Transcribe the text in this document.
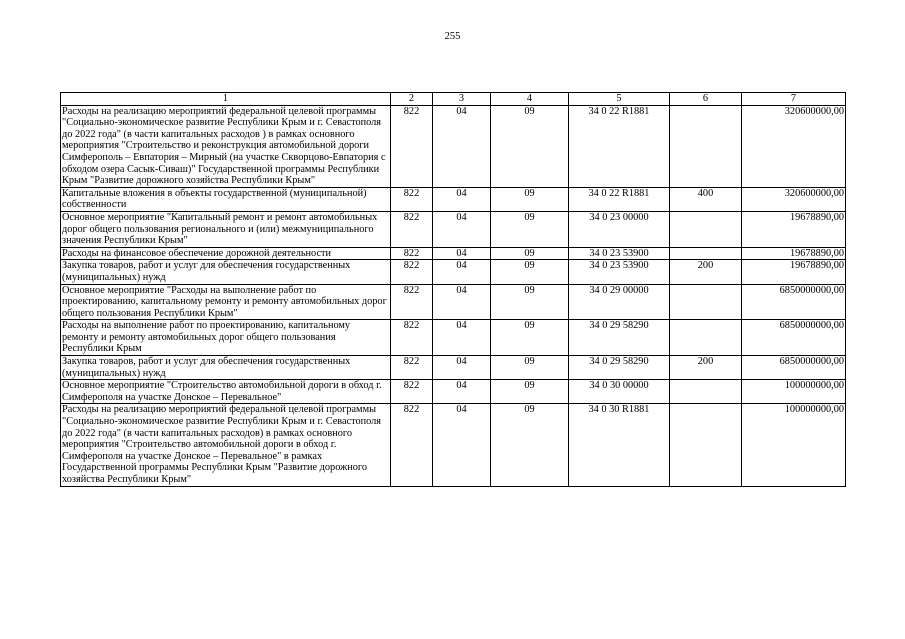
255
1	2	3	4	5	6	7
Расходы на реализацию мероприятий федеральной целевой программы "Социально-экономическое развитие Республики Крым и г. Севастополя до 2022 года" (в части капитальных расходов ) в рамках основного мероприятия "Строительство и реконструкция автомобильной дороги Симферополь – Евпатория – Мирный (на участке Скворцово-Евпатория с обходом озера Сасык-Сиваш)" Государственной программы Республики Крым "Развитие дорожного хозяйства Республики Крым"	822	04	09	34 0 22 R1881		320600000,00
Капитальные вложения в объекты государственной (муниципальной) собственности	822	04	09	34 0 22 R1881	400	320600000,00
Основное мероприятие "Капитальный ремонт и ремонт автомобильных дорог общего пользования регионального и (или) межмуниципального значения Республики Крым"	822	04	09	34 0 23 00000		19678890,00
Расходы на финансовое обеспечение дорожной деятельности	822	04	09	34 0 23 53900		19678890,00
Закупка товаров, работ и услуг для обеспечения государственных (муниципальных) нужд	822	04	09	34 0 23 53900	200	19678890,00
Основное мероприятие "Расходы на выполнение работ по проектированию, капитальному ремонту и ремонту автомобильных дорог общего пользования Республики Крым"	822	04	09	34 0 29 00000		6850000000,00
Расходы на выполнение работ по проектированию, капитальному ремонту и ремонту автомобильных дорог общего пользования Республики Крым	822	04	09	34 0 29 58290		6850000000,00
Закупка товаров, работ и услуг для обеспечения государственных (муниципальных) нужд	822	04	09	34 0 29 58290	200	6850000000,00
Основное мероприятие "Строительство автомобильной дороги в обход г. Симферополя на участке Донское – Перевальное"	822	04	09	34 0 30 00000		100000000,00
Расходы на реализацию мероприятий федеральной целевой программы "Социально-экономическое развитие Республики Крым и г. Севастополя до 2022 года" (в части капитальных расходов) в рамках основного мероприятия "Строительство автомобильной дороги в обход г. Симферополя на участке Донское – Перевальное" в рамках Государственной программы Республики Крым "Развитие дорожного хозяйства Республики Крым"	822	04	09	34 0 30 R1881		100000000,00
